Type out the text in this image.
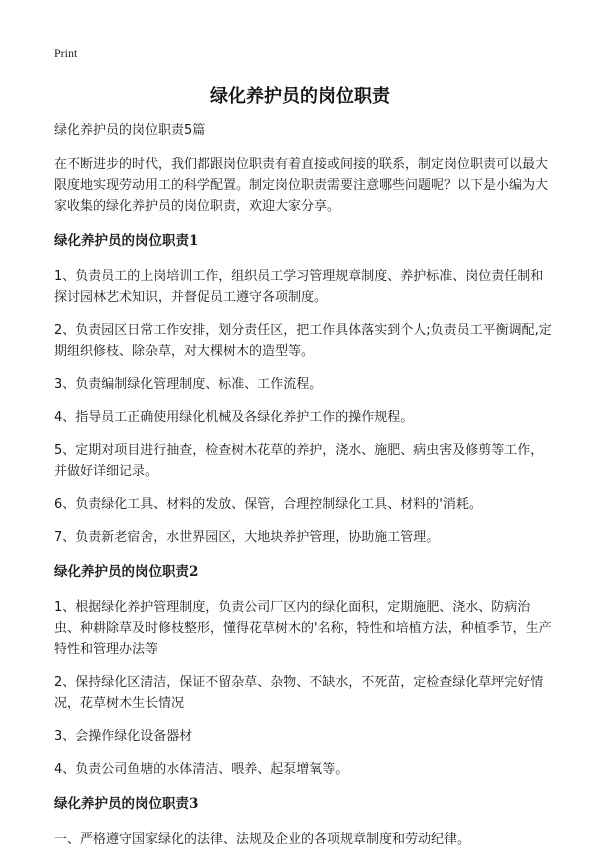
Print
绿化养护员的岗位职责

绿化养护员的岗位职责5篇

在不断进步的时代，我们都跟岗位职责有着直接或间接的联系，制定岗位职责可以最大限度地实现劳动用工的科学配置。制定岗位职责需要注意哪些问题呢？以下是小编为大家收集的绿化养护员的岗位职责，欢迎大家分享。

绿化养护员的岗位职责1

1、负责员工的上岗培训工作，组织员工学习管理规章制度、养护标准、岗位责任制和探讨园林艺术知识，并督促员工遵守各项制度。

2、负责园区日常工作安排，划分责任区，把工作具体落实到个人;负责员工平衡调配,定期组织修枝、除杂草，对大棵树木的造型等。

3、负责编制绿化管理制度、标准、工作流程。

4、指导员工正确使用绿化机械及各绿化养护工作的操作规程。

5、定期对项目进行抽查，检查树木花草的养护，浇水、施肥、病虫害及修剪等工作，并做好详细记录。

6、负责绿化工具、材料的发放、保管，合理控制绿化工具、材料的'消耗。

7、负责新老宿舍，水世界园区，大地块养护管理，协助施工管理。

绿化养护员的岗位职责2

1、根据绿化养护管理制度，负责公司厂区内的绿化面积，定期施肥、浇水、防病治虫、种耕除草及时修枝整形，懂得花草树木的'名称，特性和培植方法，种植季节，生产特性和管理办法等

2、保持绿化区清洁，保证不留杂草、杂物、不缺水，不死苗，定检查绿化草坪完好情况，花草树木生长情况

3、会操作绿化设备器材

4、负责公司鱼塘的水体清洁、喂养、起泵增氧等。

绿化养护员的岗位职责3

一、严格遵守国家绿化的法律、法规及企业的各项规章制度和劳动纪律。
